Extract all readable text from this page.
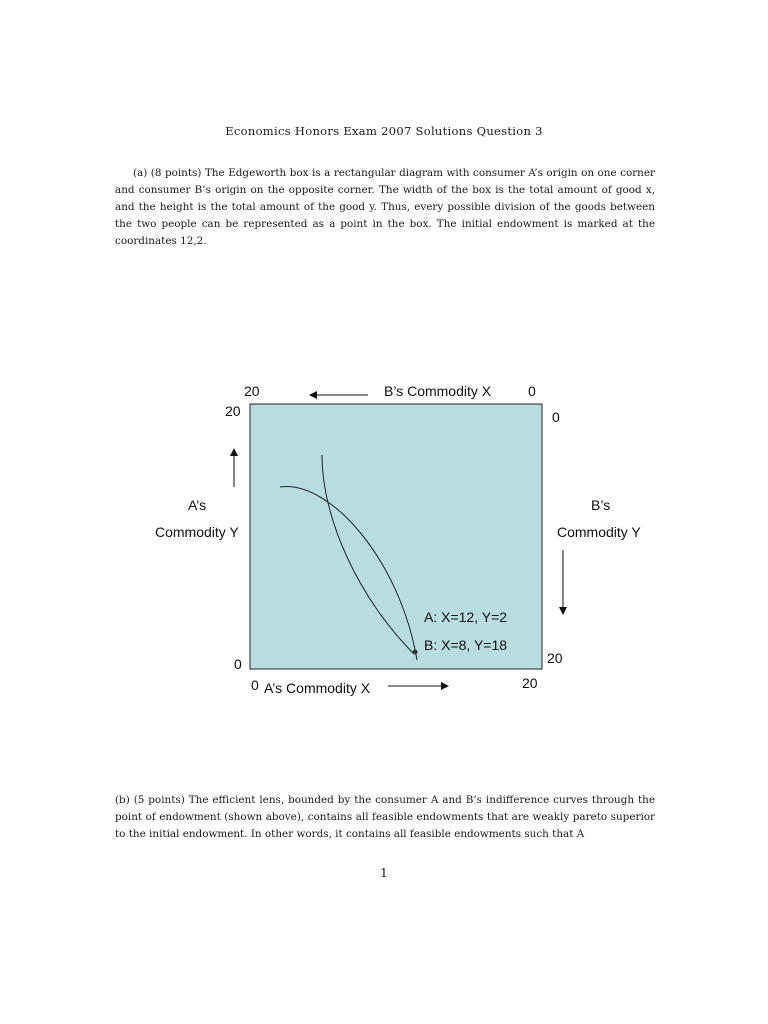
Economics Honors Exam 2007 Solutions Question 3

(a) (8 points) The Edgeworth box is a rectangular diagram with consumer A’s origin on one corner and consumer B’s origin on the opposite corner. The width of the box is the total amount of good x, and the height is the total amount of the good y. Thus, every possible division of the goods between the two people can be represented as a point in the box. The initial endowment is marked at the coordinates 12,2.

20	B’s Commodity X	0
20	0
A’s
Commodity Y
B’s
Commodity Y
A: X=12, Y=2
B: X=8, Y=18
0	20
0 A’s Commodity X	20

(b) (5 points) The efficient lens, bounded by the consumer A and B’s indifference curves through the point of endowment (shown above), contains all feasible endowments that are weakly pareto superior to the initial endowment. In other words, it contains all feasible endowments such that A

1
